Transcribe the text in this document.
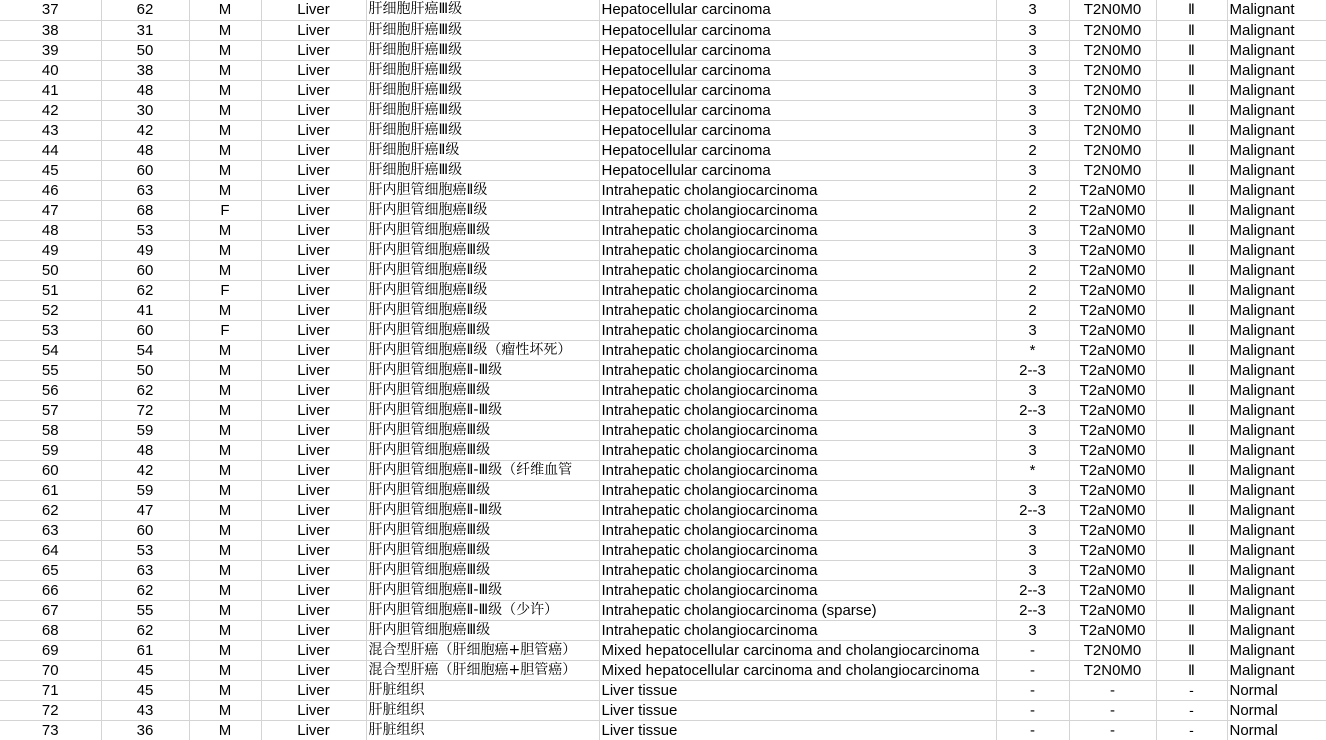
37	62	M	Liver	肝细胞肝癌Ⅲ级	Hepatocellular carcinoma	3	T2N0M0	Ⅱ	Malignant
38	31	M	Liver	肝细胞肝癌Ⅲ级	Hepatocellular carcinoma	3	T2N0M0	Ⅱ	Malignant
39	50	M	Liver	肝细胞肝癌Ⅲ级	Hepatocellular carcinoma	3	T2N0M0	Ⅱ	Malignant
40	38	M	Liver	肝细胞肝癌Ⅲ级	Hepatocellular carcinoma	3	T2N0M0	Ⅱ	Malignant
41	48	M	Liver	肝细胞肝癌Ⅲ级	Hepatocellular carcinoma	3	T2N0M0	Ⅱ	Malignant
42	30	M	Liver	肝细胞肝癌Ⅲ级	Hepatocellular carcinoma	3	T2N0M0	Ⅱ	Malignant
43	42	M	Liver	肝细胞肝癌Ⅲ级	Hepatocellular carcinoma	3	T2N0M0	Ⅱ	Malignant
44	48	M	Liver	肝细胞肝癌Ⅱ级	Hepatocellular carcinoma	2	T2N0M0	Ⅱ	Malignant
45	60	M	Liver	肝细胞肝癌Ⅲ级	Hepatocellular carcinoma	3	T2N0M0	Ⅱ	Malignant
46	63	M	Liver	肝内胆管细胞癌Ⅱ级	Intrahepatic cholangiocarcinoma	2	T2aN0M0	Ⅱ	Malignant
47	68	F	Liver	肝内胆管细胞癌Ⅱ级	Intrahepatic cholangiocarcinoma	2	T2aN0M0	Ⅱ	Malignant
48	53	M	Liver	肝内胆管细胞癌Ⅲ级	Intrahepatic cholangiocarcinoma	3	T2aN0M0	Ⅱ	Malignant
49	49	M	Liver	肝内胆管细胞癌Ⅲ级	Intrahepatic cholangiocarcinoma	3	T2aN0M0	Ⅱ	Malignant
50	60	M	Liver	肝内胆管细胞癌Ⅱ级	Intrahepatic cholangiocarcinoma	2	T2aN0M0	Ⅱ	Malignant
51	62	F	Liver	肝内胆管细胞癌Ⅱ级	Intrahepatic cholangiocarcinoma	2	T2aN0M0	Ⅱ	Malignant
52	41	M	Liver	肝内胆管细胞癌Ⅱ级	Intrahepatic cholangiocarcinoma	2	T2aN0M0	Ⅱ	Malignant
53	60	F	Liver	肝内胆管细胞癌Ⅲ级	Intrahepatic cholangiocarcinoma	3	T2aN0M0	Ⅱ	Malignant
54	54	M	Liver	肝内胆管细胞癌Ⅱ级（瘤性坏死）	Intrahepatic cholangiocarcinoma	*	T2aN0M0	Ⅱ	Malignant
55	50	M	Liver	肝内胆管细胞癌Ⅱ-Ⅲ级	Intrahepatic cholangiocarcinoma	2--3	T2aN0M0	Ⅱ	Malignant
56	62	M	Liver	肝内胆管细胞癌Ⅲ级	Intrahepatic cholangiocarcinoma	3	T2aN0M0	Ⅱ	Malignant
57	72	M	Liver	肝内胆管细胞癌Ⅱ-Ⅲ级	Intrahepatic cholangiocarcinoma	2--3	T2aN0M0	Ⅱ	Malignant
58	59	M	Liver	肝内胆管细胞癌Ⅲ级	Intrahepatic cholangiocarcinoma	3	T2aN0M0	Ⅱ	Malignant
59	48	M	Liver	肝内胆管细胞癌Ⅲ级	Intrahepatic cholangiocarcinoma	3	T2aN0M0	Ⅱ	Malignant
60	42	M	Liver	肝内胆管细胞癌Ⅱ-Ⅲ级（纤维血管	Intrahepatic cholangiocarcinoma	*	T2aN0M0	Ⅱ	Malignant
61	59	M	Liver	肝内胆管细胞癌Ⅲ级	Intrahepatic cholangiocarcinoma	3	T2aN0M0	Ⅱ	Malignant
62	47	M	Liver	肝内胆管细胞癌Ⅱ-Ⅲ级	Intrahepatic cholangiocarcinoma	2--3	T2aN0M0	Ⅱ	Malignant
63	60	M	Liver	肝内胆管细胞癌Ⅲ级	Intrahepatic cholangiocarcinoma	3	T2aN0M0	Ⅱ	Malignant
64	53	M	Liver	肝内胆管细胞癌Ⅲ级	Intrahepatic cholangiocarcinoma	3	T2aN0M0	Ⅱ	Malignant
65	63	M	Liver	肝内胆管细胞癌Ⅲ级	Intrahepatic cholangiocarcinoma	3	T2aN0M0	Ⅱ	Malignant
66	62	M	Liver	肝内胆管细胞癌Ⅱ-Ⅲ级	Intrahepatic cholangiocarcinoma	2--3	T2aN0M0	Ⅱ	Malignant
67	55	M	Liver	肝内胆管细胞癌Ⅱ-Ⅲ级（少许）	Intrahepatic cholangiocarcinoma (sparse)	2--3	T2aN0M0	Ⅱ	Malignant
68	62	M	Liver	肝内胆管细胞癌Ⅲ级	Intrahepatic cholangiocarcinoma	3	T2aN0M0	Ⅱ	Malignant
69	61	M	Liver	混合型肝癌（肝细胞癌+胆管癌）	Mixed hepatocellular carcinoma and cholangiocarcinoma	-	T2N0M0	Ⅱ	Malignant
70	45	M	Liver	混合型肝癌（肝细胞癌+胆管癌）	Mixed hepatocellular carcinoma and cholangiocarcinoma	-	T2N0M0	Ⅱ	Malignant
71	45	M	Liver	肝脏组织	Liver tissue	-	-	-	Normal
72	43	M	Liver	肝脏组织	Liver tissue	-	-	-	Normal
73	36	M	Liver	肝脏组织	Liver tissue	-	-	-	Normal
